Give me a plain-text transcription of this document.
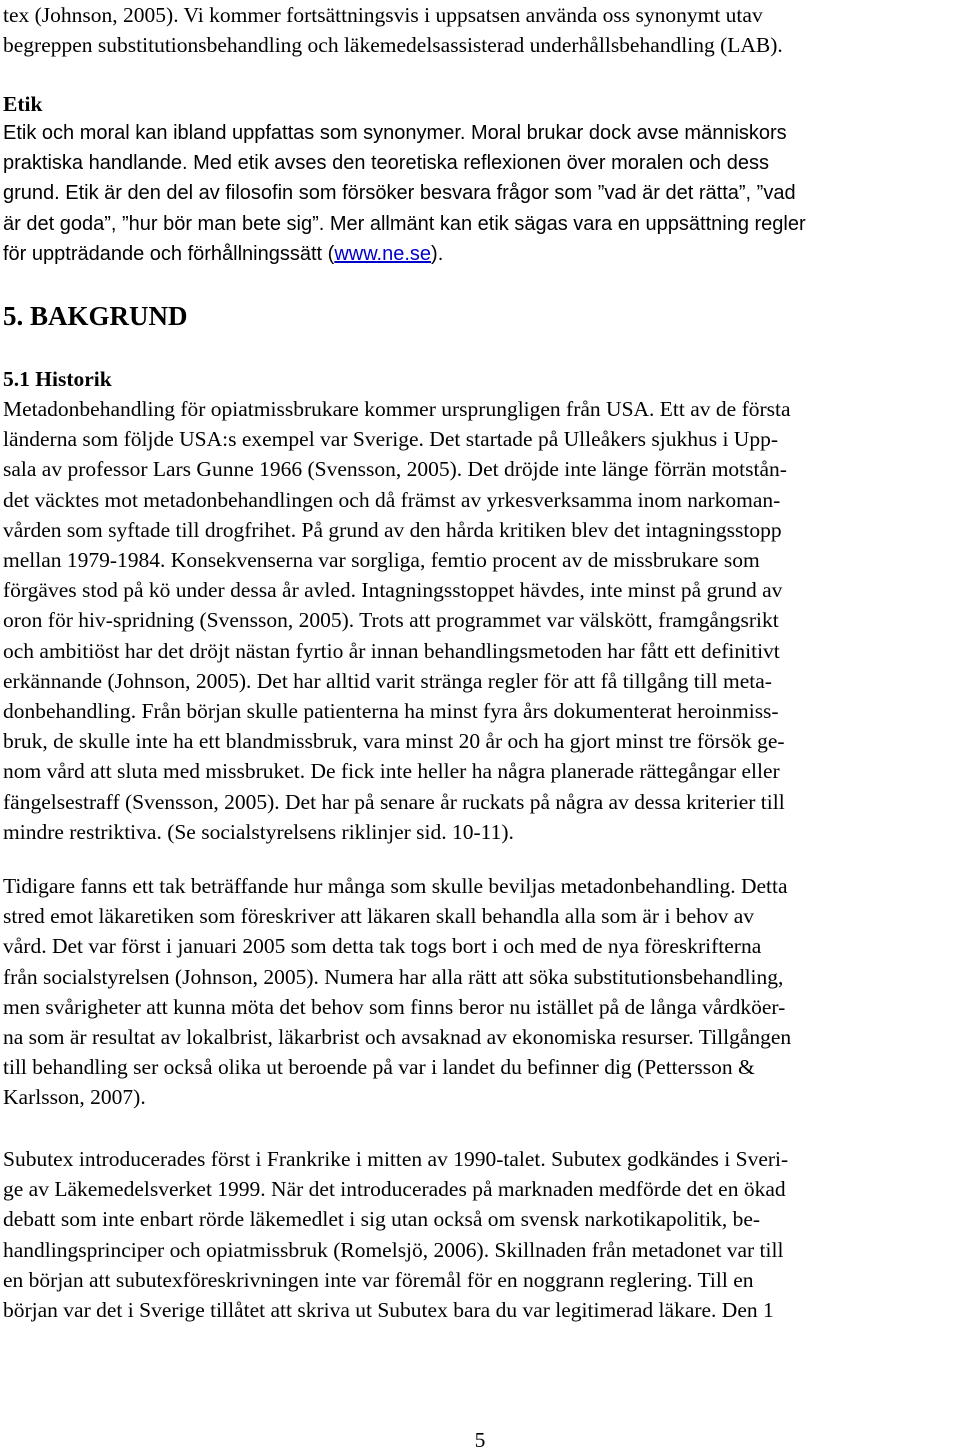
tex (Johnson, 2005). Vi kommer fortsättningsvis i uppsatsen använda oss synonymt utav
begreppen substitutionsbehandling och läkemedelsassisterad underhållsbehandling (LAB).
Etik
Etik och moral kan ibland uppfattas som synonymer. Moral brukar dock avse människors
praktiska handlande. Med etik avses den teoretiska reflexionen över moralen och dess
grund. Etik är den del av filosofin som försöker besvara frågor som ”vad är det rätta”, ”vad
är det goda”, ”hur bör man bete sig”. Mer allmänt kan etik sägas vara en uppsättning regler
för uppträdande och förhållningssätt (www.ne.se).
5. BAKGRUND
5.1 Historik
Metadonbehandling för opiatmissbrukare kommer ursprungligen från USA. Ett av de första
länderna som följde USA:s exempel var Sverige. Det startade på Ulleåkers sjukhus i Upp-
sala av professor Lars Gunne 1966 (Svensson, 2005). Det dröjde inte länge förrän motstån-
det väcktes mot metadonbehandlingen och då främst av yrkesverksamma inom narkoman-
vården som syftade till drogfrihet. På grund av den hårda kritiken blev det intagningsstopp
mellan 1979-1984. Konsekvenserna var sorgliga, femtio procent av de missbrukare som
förgäves stod på kö under dessa år avled. Intagningsstoppet hävdes, inte minst på grund av
oron för hiv-spridning (Svensson, 2005). Trots att programmet var välskött, framgångsrikt
och ambitiöst har det dröjt nästan fyrtio år innan behandlingsmetoden har fått ett definitivt
erkännande (Johnson, 2005). Det har alltid varit stränga regler för att få tillgång till meta-
donbehandling. Från början skulle patienterna ha minst fyra års dokumenterat heroinmiss-
bruk, de skulle inte ha ett blandmissbruk, vara minst 20 år och ha gjort minst tre försök ge-
nom vård att sluta med missbruket. De fick inte heller ha några planerade rättegångar eller
fängelsestraff (Svensson, 2005). Det har på senare år ruckats på några av dessa kriterier till
mindre restriktiva. (Se socialstyrelsens riklinjer sid. 10-11).
Tidigare fanns ett tak beträffande hur många som skulle beviljas metadonbehandling. Detta
stred emot läkaretiken som föreskriver att läkaren skall behandla alla som är i behov av
vård. Det var först i januari 2005 som detta tak togs bort i och med de nya föreskrifterna
från socialstyrelsen (Johnson, 2005). Numera har alla rätt att söka substitutionsbehandling,
men svårigheter att kunna möta det behov som finns beror nu istället på de långa vårdköer-
na som är resultat av lokalbrist, läkarbrist och avsaknad av ekonomiska resurser. Tillgången
till behandling ser också olika ut beroende på var i landet du befinner dig (Pettersson &
Karlsson, 2007).
Subutex introducerades först i Frankrike i mitten av 1990-talet. Subutex godkändes i Sveri-
ge av Läkemedelsverket 1999. När det introducerades på marknaden medförde det en ökad
debatt som inte enbart rörde läkemedlet i sig utan också om svensk narkotikapolitik, be-
handlingsprinciper och opiatmissbruk (Romelsjö, 2006). Skillnaden från metadonet var till
en början att subutexföreskrivningen inte var föremål för en noggrann reglering. Till en
början var det i Sverige tillåtet att skriva ut Subutex bara du var legitimerad läkare. Den 1
5
